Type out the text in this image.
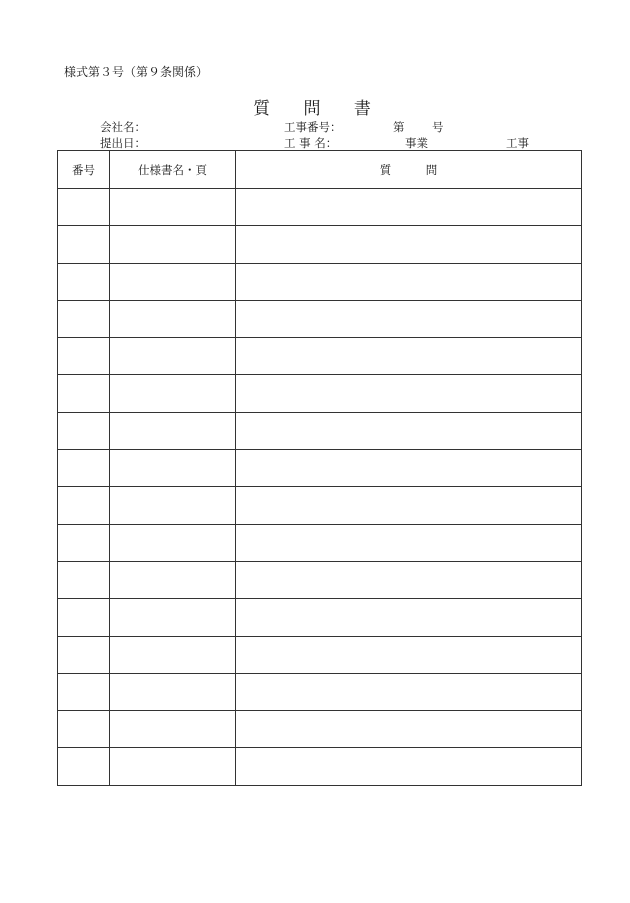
様式第３号（第９条関係）
質 問 書
会社名：
提出日：
工事番号：
工 事 名：
第 号
事業	工事
番号	仕様書名・頁	質　　　問
